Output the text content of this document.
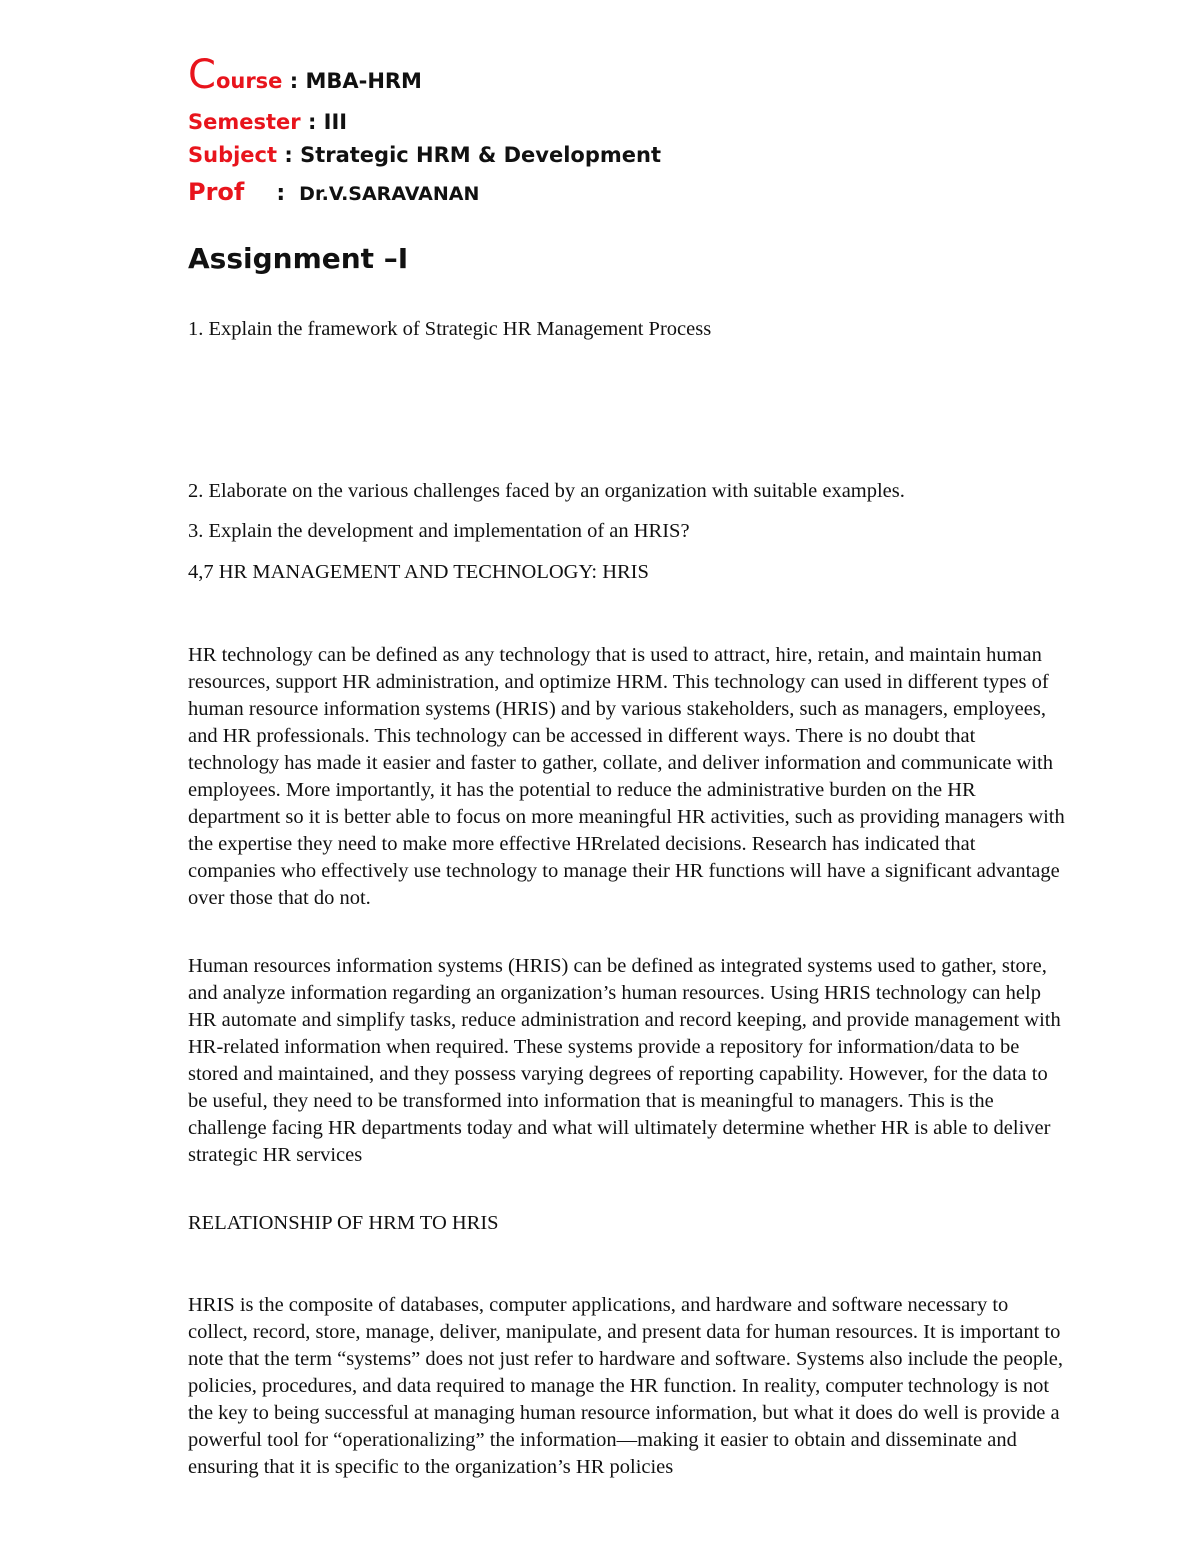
Course : MBA-HRM
Semester : III
Subject : Strategic HRM & Development
Prof : Dr.V.SARAVANAN
Assignment –I
1. Explain the framework of Strategic HR Management Process
2. Elaborate on the various challenges faced by an organization with suitable examples.
3. Explain the development and implementation of an HRIS?
4,7 HR MANAGEMENT AND TECHNOLOGY: HRIS

HR technology can be defined as any technology that is used to attract, hire, retain, and maintain human resources, support HR administration, and optimize HRM. This technology can used in different types of human resource information systems (HRIS) and by various stakeholders, such as managers, employees, and HR professionals. This technology can be accessed in different ways. There is no doubt that technology has made it easier and faster to gather, collate, and deliver information and communicate with employees. More importantly, it has the potential to reduce the administrative burden on the HR department so it is better able to focus on more meaningful HR activities, such as providing managers with the expertise they need to make more effective HRrelated decisions. Research has indicated that companies who effectively use technology to manage their HR functions will have a significant advantage over those that do not.

Human resources information systems (HRIS) can be defined as integrated systems used to gather, store, and analyze information regarding an organization’s human resources. Using HRIS technology can help HR automate and simplify tasks, reduce administration and record keeping, and provide management with HR-related information when required. These systems provide a repository for information/data to be stored and maintained, and they possess varying degrees of reporting capability. However, for the data to be useful, they need to be transformed into information that is meaningful to managers. This is the challenge facing HR departments today and what will ultimately determine whether HR is able to deliver strategic HR services

RELATIONSHIP OF HRM TO HRIS

HRIS is the composite of databases, computer applications, and hardware and software necessary to collect, record, store, manage, deliver, manipulate, and present data for human resources. It is important to note that the term “systems” does not just refer to hardware and software. Systems also include the people, policies, procedures, and data required to manage the HR function. In reality, computer technology is not the key to being successful at managing human resource information, but what it does do well is provide a powerful tool for “operationalizing” the information—making it easier to obtain and disseminate and ensuring that it is specific to the organization’s HR policies
